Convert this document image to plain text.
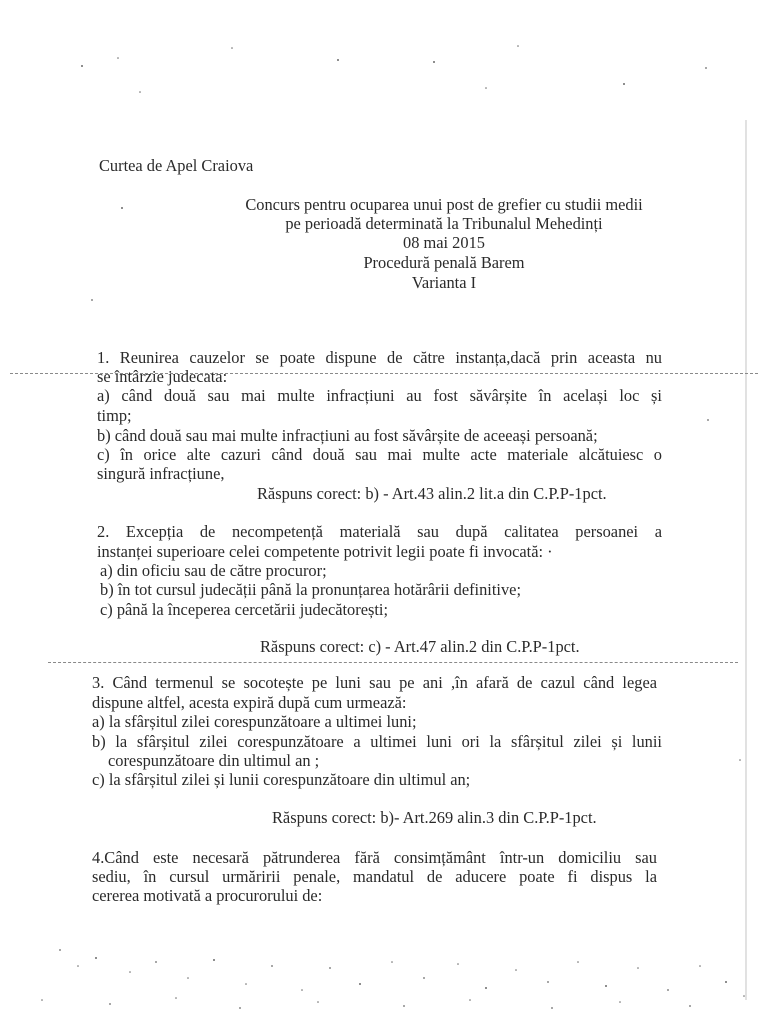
Curtea de Apel Craiova
Concurs pentru ocuparea unui post de grefier cu studii medii
pe perioadă determinată la Tribunalul Mehedinți
08 mai 2015
Procedură penală Barem
Varianta I
1. Reunirea cauzelor se poate dispune de către instanța,dacă prin aceasta nu
se întârzie judecata:
a) când două sau mai multe infracțiuni au fost săvârșite în același loc și
timp;
b) când două sau mai multe infracțiuni au fost săvârșite de aceeași persoană;
c) în orice alte cazuri când două sau mai multe acte materiale alcătuiesc o
singură infracțiune,
Răspuns corect: b) - Art.43 alin.2 lit.a din C.P.P-1pct.
2. Excepția de necompetență materială sau după calitatea persoanei a
instanței superioare celei competente potrivit legii poate fi invocată: ·
a) din oficiu sau de către procuror;
b) în tot cursul judecății până la pronunțarea hotărârii definitive;
c) până la începerea cercetării judecătorești;
Răspuns corect: c) - Art.47 alin.2 din C.P.P-1pct.
3. Când termenul se socotește pe luni sau pe ani ,în afară de cazul când legea
dispune altfel, acesta expiră după cum urmează:
a) la sfârșitul zilei corespunzătoare a ultimei luni;
b) la sfârșitul zilei corespunzătoare a ultimei luni ori la sfârșitul zilei și lunii
corespunzătoare din ultimul an ;
c) la sfârșitul zilei și lunii corespunzătoare din ultimul an;
Răspuns corect: b)- Art.269 alin.3 din C.P.P-1pct.
4.Când este necesară pătrunderea fără consimțământ într-un domiciliu sau
sediu, în cursul urmăririi penale, mandatul de aducere poate fi dispus la
cererea motivată a procurorului de:
